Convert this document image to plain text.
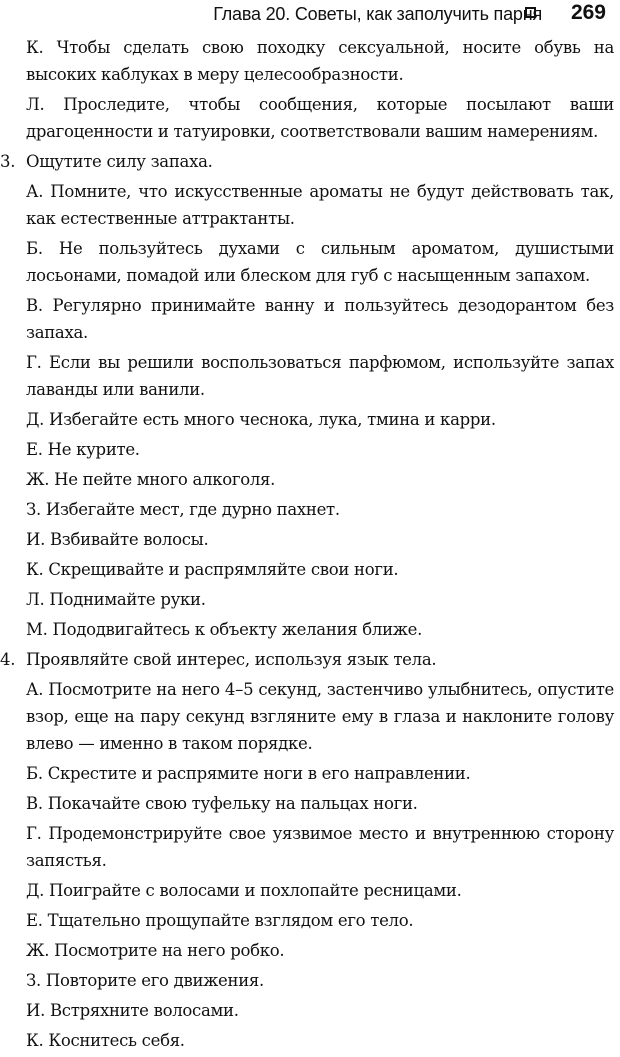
Глава 20. Советы, как заполучить парня 269

К. Чтобы сделать свою походку сексуальной, носите обувь на высоких каблуках в меру целесообразности.

Л. Проследите, чтобы сообщения, которые посылают ваши драгоценности и татуировки, соответствовали вашим намерениям.

3. Ощутите силу запаха.

А. Помните, что искусственные ароматы не будут действовать так, как естественные аттрактанты.

Б. Не пользуйтесь духами с сильным ароматом, душистыми лосьонами, помадой или блеском для губ с насыщенным запахом.

В. Регулярно принимайте ванну и пользуйтесь дезодорантом без запаха.

Г. Если вы решили воспользоваться парфюмом, используйте запах лаванды или ванили.

Д. Избегайте есть много чеснока, лука, тмина и карри.

Е. Не курите.

Ж. Не пейте много алкоголя.

З. Избегайте мест, где дурно пахнет.

И. Взбивайте волосы.

К. Скрещивайте и распрямляйте свои ноги.

Л. Поднимайте руки.

М. Пододвигайтесь к объекту желания ближе.

4. Проявляйте свой интерес, используя язык тела.

А. Посмотрите на него 4–5 секунд, застенчиво улыбнитесь, опустите взор, еще на пару секунд взгляните ему в глаза и наклоните голову влево — именно в таком порядке.

Б. Скрестите и распрямите ноги в его направлении.

В. Покачайте свою туфельку на пальцах ноги.

Г. Продемонстрируйте свое уязвимое место и внутреннюю сторону запястья.

Д. Поиграйте с волосами и похлопайте ресницами.

Е. Тщательно прощупайте взглядом его тело.

Ж. Посмотрите на него робко.

З. Повторите его движения.

И. Встряхните волосами.

К. Коснитесь себя.
